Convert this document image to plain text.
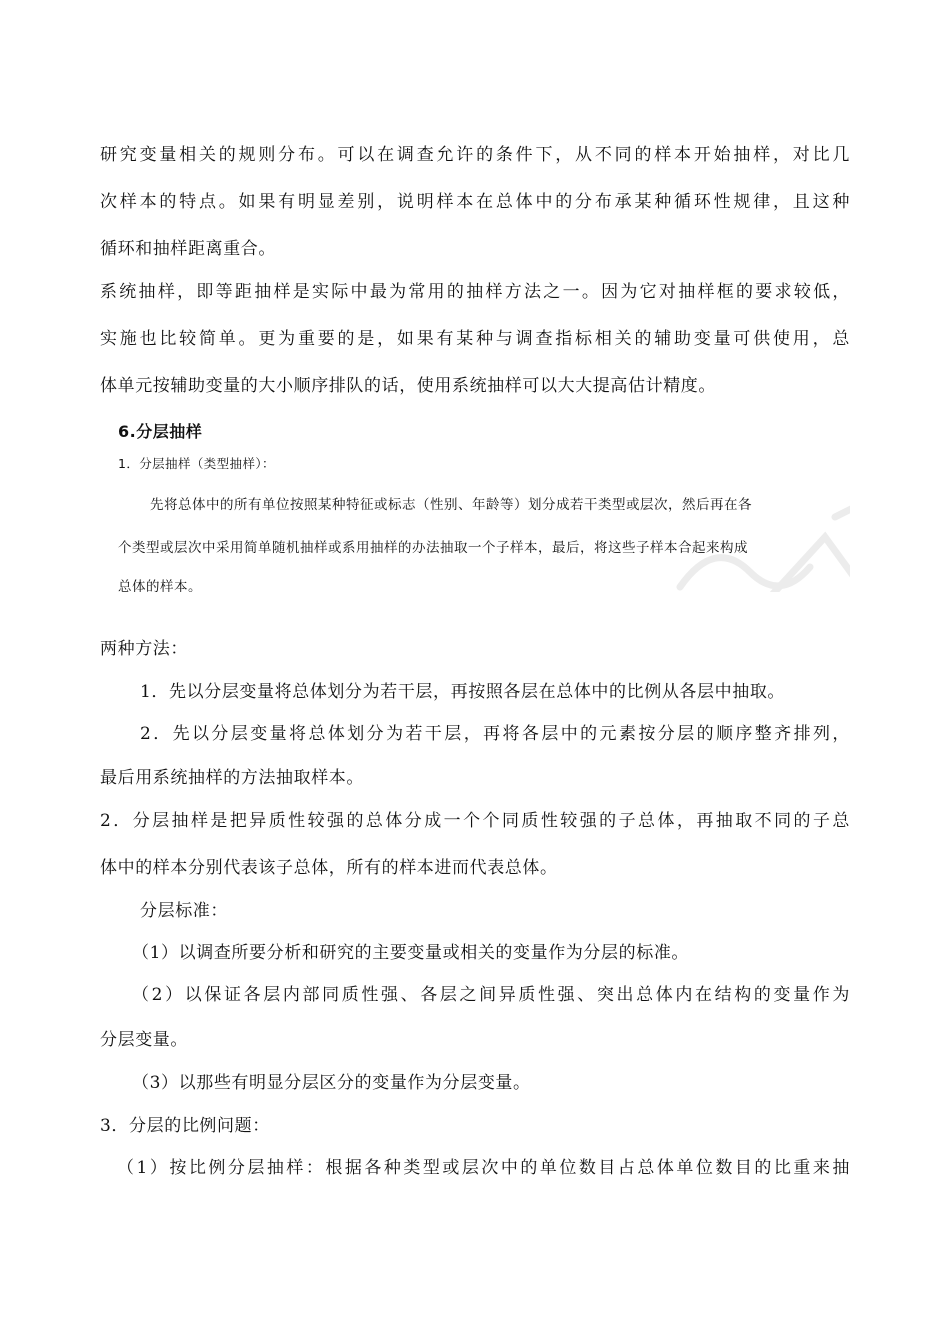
研究变量相关的规则分布。可以在调查允许的条件下，从不同的样本开始抽样，对比几

次样本的特点。如果有明显差别，说明样本在总体中的分布承某种循环性规律，且这种

循环和抽样距离重合。

系统抽样，即等距抽样是实际中最为常用的抽样方法之一。因为它对抽样框的要求较低，

实施也比较简单。更为重要的是，如果有某种与调查指标相关的辅助变量可供使用，总

体单元按辅助变量的大小顺序排队的话，使用系统抽样可以大大提高估计精度。

6.分层抽样

1．分层抽样（类型抽样）：

先将总体中的所有单位按照某种特征或标志（性别、年龄等）划分成若干类型或层次，然后再在各

个类型或层次中采用简单随机抽样或系用抽样的办法抽取一个子样本，最后，将这些子样本合起来构成

总体的样本。

两种方法：

1．先以分层变量将总体划分为若干层，再按照各层在总体中的比例从各层中抽取。

2．先以分层变量将总体划分为若干层，再将各层中的元素按分层的顺序整齐排列，

最后用系统抽样的方法抽取样本。

2．分层抽样是把异质性较强的总体分成一个个同质性较强的子总体，再抽取不同的子总

体中的样本分别代表该子总体，所有的样本进而代表总体。

分层标准：

（1）以调查所要分析和研究的主要变量或相关的变量作为分层的标准。

（2）以保证各层内部同质性强、各层之间异质性强、突出总体内在结构的变量作为

分层变量。

（3）以那些有明显分层区分的变量作为分层变量。

3．分层的比例问题：

（1）按比例分层抽样：根据各种类型或层次中的单位数目占总体单位数目的比重来抽
